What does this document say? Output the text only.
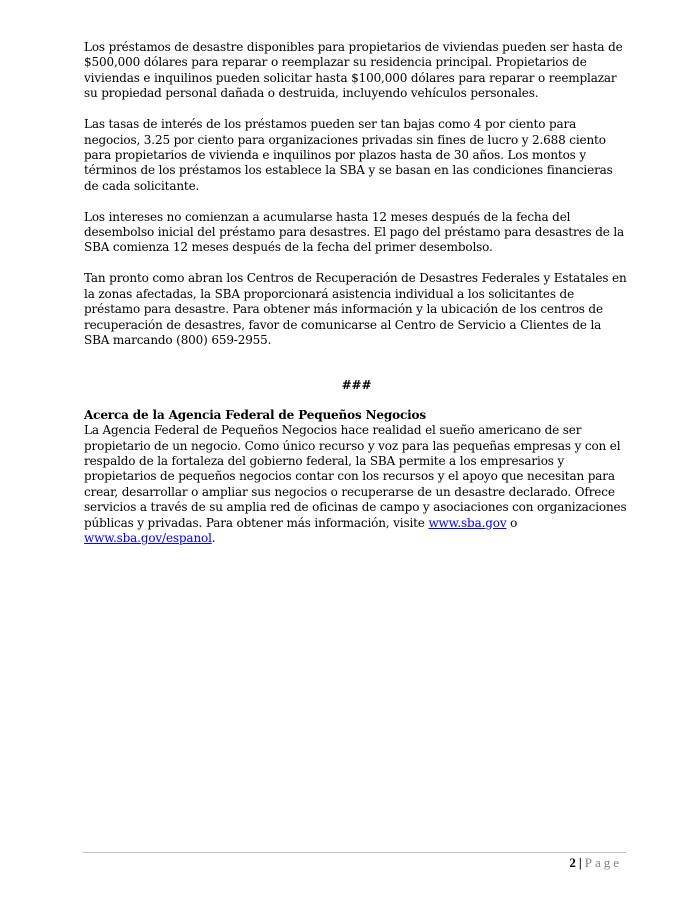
Los préstamos de desastre disponibles para propietarios de viviendas pueden ser hasta de $500,000 dólares para reparar o reemplazar su residencia principal. Propietarios de viviendas e inquilinos pueden solicitar hasta $100,000 dólares para reparar o reemplazar su propiedad personal dañada o destruida, incluyendo vehículos personales.

Las tasas de interés de los préstamos pueden ser tan bajas como 4 por ciento para negocios, 3.25 por ciento para organizaciones privadas sin fines de lucro y 2.688 ciento para propietarios de vivienda e inquilinos por plazos hasta de 30 años. Los montos y términos de los préstamos los establece la SBA y se basan en las condiciones financieras de cada solicitante.

Los intereses no comienzan a acumularse hasta 12 meses después de la fecha del desembolso inicial del préstamo para desastres. El pago del préstamo para desastres de la SBA comienza 12 meses después de la fecha del primer desembolso.

Tan pronto como abran los Centros de Recuperación de Desastres Federales y Estatales en la zonas afectadas, la SBA proporcionará asistencia individual a los solicitantes de préstamo para desastre. Para obtener más información y la ubicación de los centros de recuperación de desastres, favor de comunicarse al Centro de Servicio a Clientes de la SBA marcando (800) 659-2955.

###

Acerca de la Agencia Federal de Pequeños Negocios

La Agencia Federal de Pequeños Negocios hace realidad el sueño americano de ser propietario de un negocio. Como único recurso y voz para las pequeñas empresas y con el respaldo de la fortaleza del gobierno federal, la SBA permite a los empresarios y propietarios de pequeños negocios contar con los recursos y el apoyo que necesitan para crear, desarrollar o ampliar sus negocios o recuperarse de un desastre declarado. Ofrece servicios a través de su amplia red de oficinas de campo y asociaciones con organizaciones públicas y privadas. Para obtener más información, visite www.sba.gov o www.sba.gov/espanol.

2 | Page
